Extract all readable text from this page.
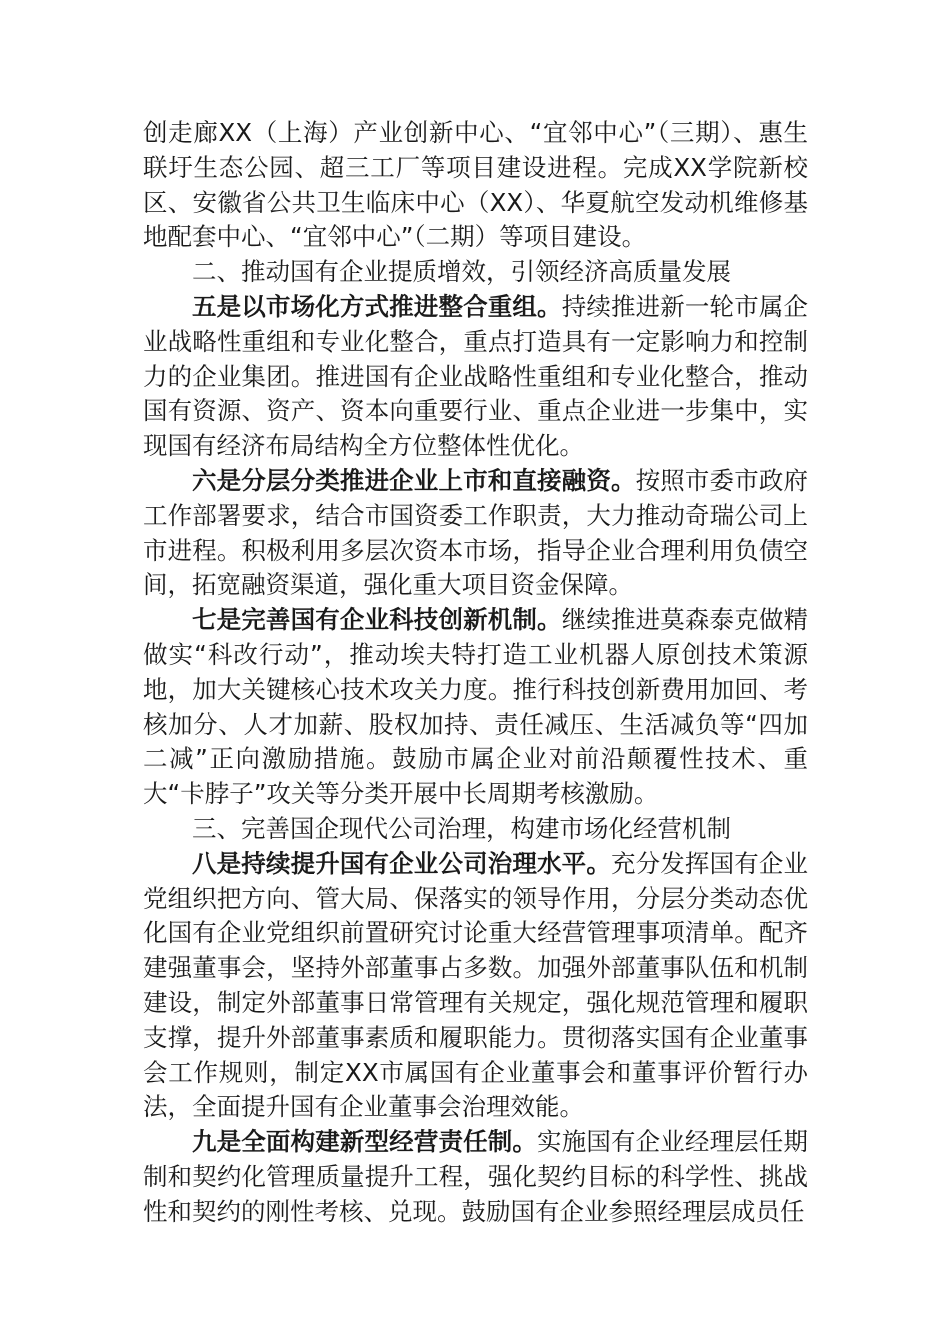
创走廊XX（上海）产业创新中心、“宜邻中心”（三期）、惠生联圩生态公园、超三工厂等项目建设进程。完成XX学院新校区、安徽省公共卫生临床中心（XX）、华夏航空发动机维修基地配套中心、“宜邻中心”（二期）等项目建设。

二、推动国有企业提质增效，引领经济高质量发展

五是以市场化方式推进整合重组。持续推进新一轮市属企业战略性重组和专业化整合，重点打造具有一定影响力和控制力的企业集团。推进国有企业战略性重组和专业化整合，推动国有资源、资产、资本向重要行业、重点企业进一步集中，实现国有经济布局结构全方位整体性优化。

六是分层分类推进企业上市和直接融资。按照市委市政府工作部署要求，结合市国资委工作职责，大力推动奇瑞公司上市进程。积极利用多层次资本市场，指导企业合理利用负债空间，拓宽融资渠道，强化重大项目资金保障。

七是完善国有企业科技创新机制。继续推进莫森泰克做精做实“科改行动”，推动埃夫特打造工业机器人原创技术策源地，加大关键核心技术攻关力度。推行科技创新费用加回、考核加分、人才加薪、股权加持、责任减压、生活减负等“四加二减”正向激励措施。鼓励市属企业对前沿颠覆性技术、重大“卡脖子”攻关等分类开展中长周期考核激励。

三、完善国企现代公司治理，构建市场化经营机制

八是持续提升国有企业公司治理水平。充分发挥国有企业党组织把方向、管大局、保落实的领导作用，分层分类动态优化国有企业党组织前置研究讨论重大经营管理事项清单。配齐建强董事会，坚持外部董事占多数。加强外部董事队伍和机制建设，制定外部董事日常管理有关规定，强化规范管理和履职支撑，提升外部董事素质和履职能力。贯彻落实国有企业董事会工作规则，制定XX市属国有企业董事会和董事评价暂行办法，全面提升国有企业董事会治理效能。

九是全面构建新型经营责任制。实施国有企业经理层任期制和契约化管理质量提升工程，强化契约目标的科学性、挑战性和契约的刚性考核、兑现。鼓励国有企业参照经理层成员任
